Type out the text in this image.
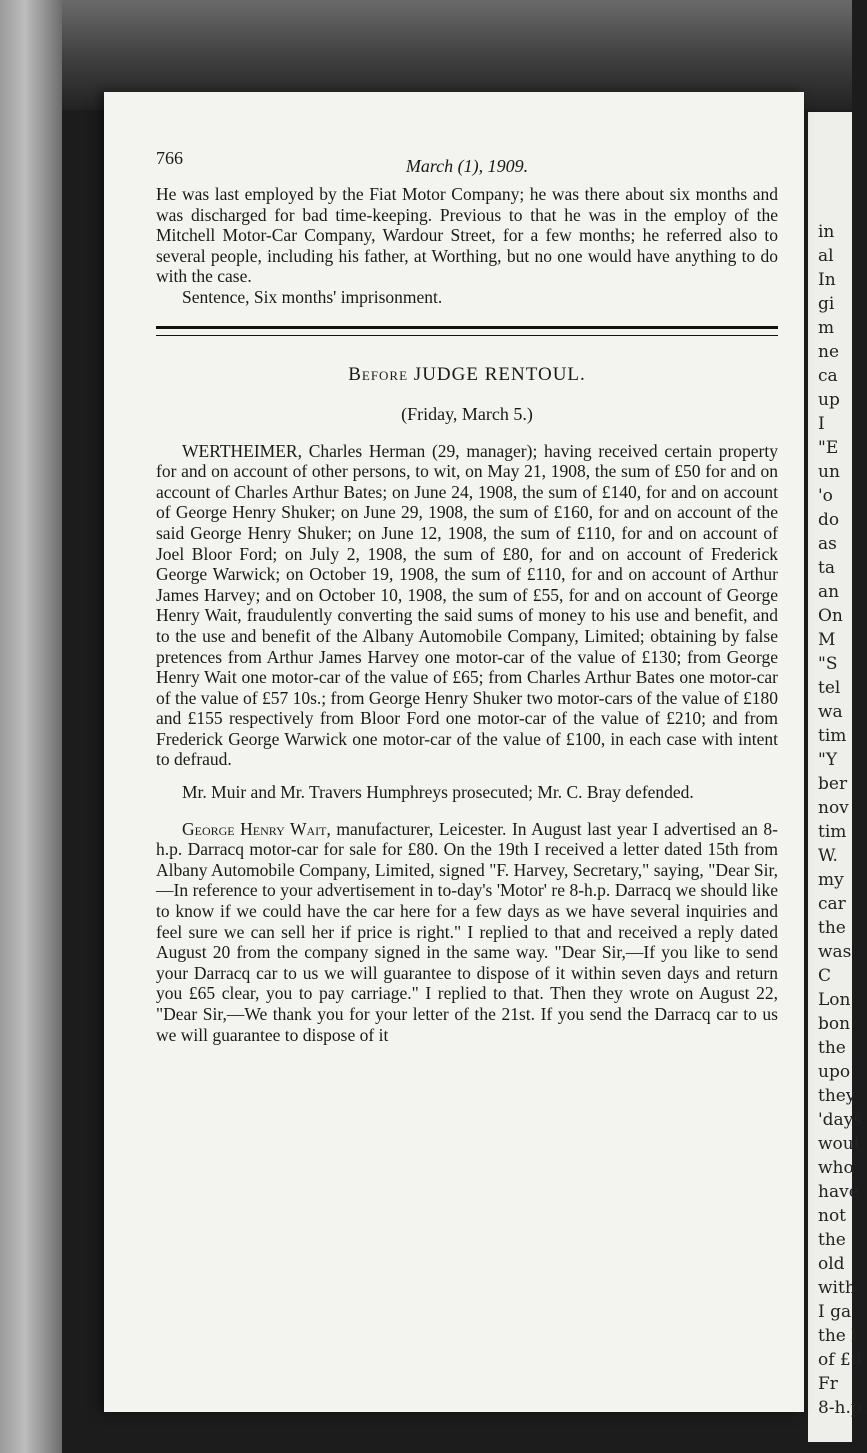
in
al
In
gi
m
ne
ca
up
I
"E
un
'o
do
as
ta
an
On
M
"S
tel
wa
tim
"Y
ber
nov
tim
W.
my
car
the
was
C
Lon
bon
the
upo
they
'days
woul
who
have
not
the
old
with
I ga
the l
of £6
Fr
8-h.p.
766	March (1), 1909.

He was last employed by the Fiat Motor Company; he was there about six months and was discharged for bad time-keeping. Previous to that he was in the employ of the Mitchell Motor-Car Company, Wardour Street, for a few months; he referred also to several people, including his father, at Worthing, but no one would have anything to do with the case.

Sentence, Six months' imprisonment.

Before JUDGE RENTOUL.
(Friday, March 5.)

WERTHEIMER, Charles Herman (29, manager); having received certain property for and on account of other persons, to wit, on May 21, 1908, the sum of £50 for and on account of Charles Arthur Bates; on June 24, 1908, the sum of £140, for and on account of George Henry Shuker; on June 29, 1908, the sum of £160, for and on account of the said George Henry Shuker; on June 12, 1908, the sum of £110, for and on account of Joel Bloor Ford; on July 2, 1908, the sum of £80, for and on account of Frederick George Warwick; on October 19, 1908, the sum of £110, for and on account of Arthur James Harvey; and on October 10, 1908, the sum of £55, for and on account of George Henry Wait, fraudulently converting the said sums of money to his use and benefit, and to the use and benefit of the Albany Automobile Company, Limited; obtaining by false pretences from Arthur James Harvey one motor-car of the value of £130; from George Henry Wait one motor-car of the value of £65; from Charles Arthur Bates one motor-car of the value of £57 10s.; from George Henry Shuker two motor-cars of the value of £180 and £155 respectively from Bloor Ford one motor-car of the value of £210; and from Frederick George Warwick one motor-car of the value of £100, in each case with intent to defraud.

Mr. Muir and Mr. Travers Humphreys prosecuted; Mr. C. Bray defended.

George Henry Wait, manufacturer, Leicester. In August last year I advertised an 8-h.p. Darracq motor-car for sale for £80. On the 19th I received a letter dated 15th from Albany Automobile Company, Limited, signed "F. Harvey, Secretary," saying, "Dear Sir,—In reference to your advertisement in to-day's 'Motor' re 8-h.p. Darracq we should like to know if we could have the car here for a few days as we have several inquiries and feel sure we can sell her if price is right." I replied to that and received a reply dated August 20 from the company signed in the same way. "Dear Sir,—If you like to send your Darracq car to us we will guarantee to dispose of it within seven days and return you £65 clear, you to pay carriage." I replied to that. Then they wrote on August 22, "Dear Sir,—We thank you for your letter of the 21st. If you send the Darracq car to us we will guarantee to dispose of it
